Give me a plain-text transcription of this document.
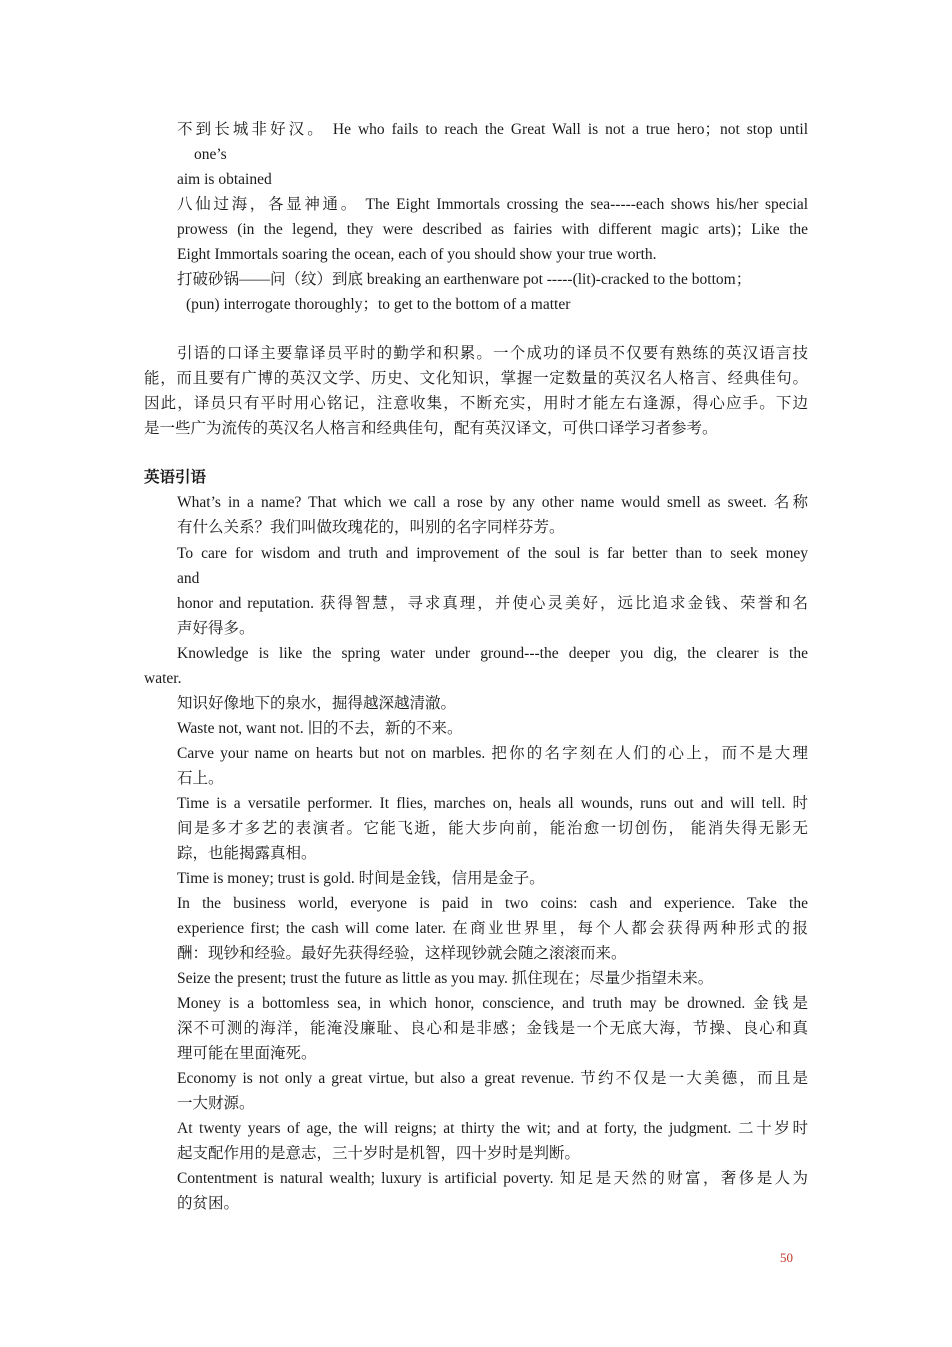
不到长城非好汉。 He who fails to reach the Great Wall is not a true hero；not stop until
one’s
aim is obtained
八仙过海，各显神通。 The Eight Immortals crossing the sea-----each shows his/her special
prowess (in the legend, they were described as fairies with different magic arts)；Like the
Eight Immortals soaring the ocean, each of you should show your true worth.
打破砂锅——问（纹）到底 breaking an earthenware pot -----(lit)-cracked to the bottom；
(pun) interrogate thoroughly；to get to the bottom of a matter
引语的口译主要靠译员平时的勤学和积累。一个成功的译员不仅要有熟练的英汉语言技
能，而且要有广博的英汉文学、历史、文化知识，掌握一定数量的英汉名人格言、经典佳句。
因此，译员只有平时用心铭记，注意收集，不断充实，用时才能左右逢源，得心应手。下边
是一些广为流传的英汉名人格言和经典佳句，配有英汉译文，可供口译学习者参考。
英语引语
What’s in a name? That which we call a rose by any other name would smell as sweet. 名称
有什么关系？我们叫做玫瑰花的，叫别的名字同样芬芳。
To care for wisdom and truth and improvement of the soul is far better than to seek money
and
honor and reputation. 获得智慧，寻求真理，并使心灵美好，远比追求金钱、荣誉和名
声好得多。
Knowledge is like the spring water under ground---the deeper you dig, the clearer is the
water.
知识好像地下的泉水，掘得越深越清澈。
Waste not, want not. 旧的不去，新的不来。
Carve your name on hearts but not on marbles. 把你的名字刻在人们的心上，而不是大理
石上。
Time is a versatile performer. It flies, marches on, heals all wounds, runs out and will tell. 时
间是多才多艺的表演者。它能飞逝，能大步向前，能治愈一切创伤， 能消失得无影无
踪，也能揭露真相。
Time is money; trust is gold. 时间是金钱，信用是金子。
In the business world, everyone is paid in two coins: cash and experience. Take the
experience first; the cash will come later. 在商业世界里，每个人都会获得两种形式的报
酬：现钞和经验。最好先获得经验，这样现钞就会随之滚滚而来。
Seize the present; trust the future as little as you may. 抓住现在；尽量少指望未来。
Money is a bottomless sea, in which honor, conscience, and truth may be drowned. 金钱是
深不可测的海洋，能淹没廉耻、良心和是非感；金钱是一个无底大海，节操、良心和真
理可能在里面淹死。
Economy is not only a great virtue, but also a great revenue. 节约不仅是一大美德，而且是
一大财源。
At twenty years of age, the will reigns; at thirty the wit; and at forty, the judgment. 二十岁时
起支配作用的是意志，三十岁时是机智，四十岁时是判断。
Contentment is natural wealth; luxury is artificial poverty. 知足是天然的财富，奢侈是人为
的贫困。
50
